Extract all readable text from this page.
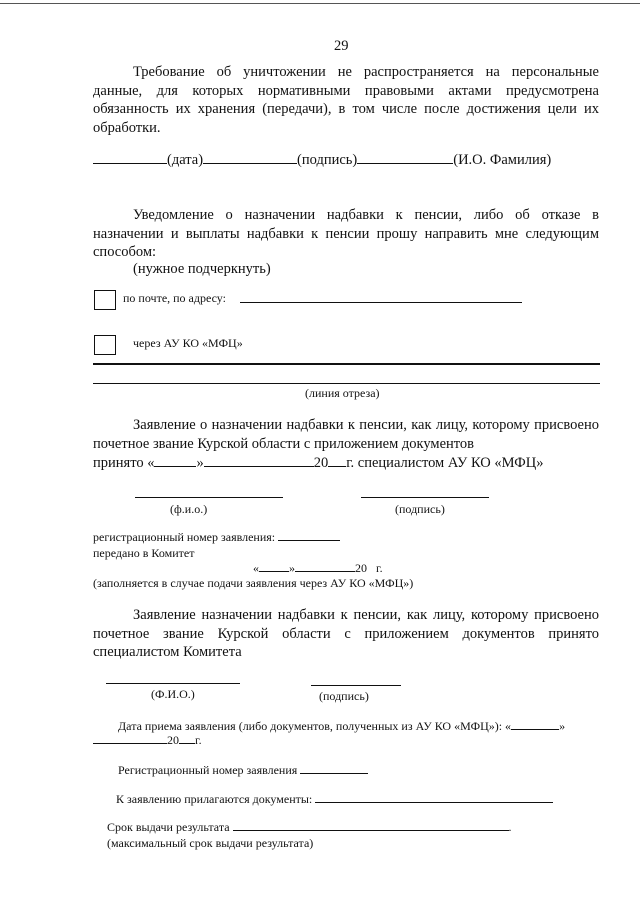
29
Требование об уничтожении не распространяется на персональные данные, для которых нормативными правовыми актами предусмотрена обязанность их хранения (передачи), в том числе после достижения цели их обработки.
(дата)	(подпись)	(И.О. Фамилия)
Уведомление о назначении надбавки к пенсии, либо об отказе в назначении и выплаты надбавки к пенсии прошу направить мне следующим способом:
(нужное подчеркнуть)
по почте, по адресу:
через АУ КО «МФЦ»
(линия отреза)
Заявление о назначении надбавки к пенсии, как лицу, которому присвоено почетное звание Курской области с приложением документов
принято «	»	20 г. специалистом АУ КО «МФЦ»
(ф.и.о.)	(подпись)
регистрационный номер заявления:
передано в Комитет
«	»	20 г.
(заполняется в случае подачи заявления через АУ КО «МФЦ»)
Заявление назначении надбавки к пенсии, как лицу, которому присвоено почетное звание Курской области с приложением документов принято специалистом Комитета
(Ф.И.О.)	(подпись)
Дата приема заявления (либо документов, полученных из АУ КО «МФЦ»): «	»
20 г.
Регистрационный номер заявления
К заявлению прилагаются документы:
Срок выдачи результата	.
(максимальный срок выдачи результата)
